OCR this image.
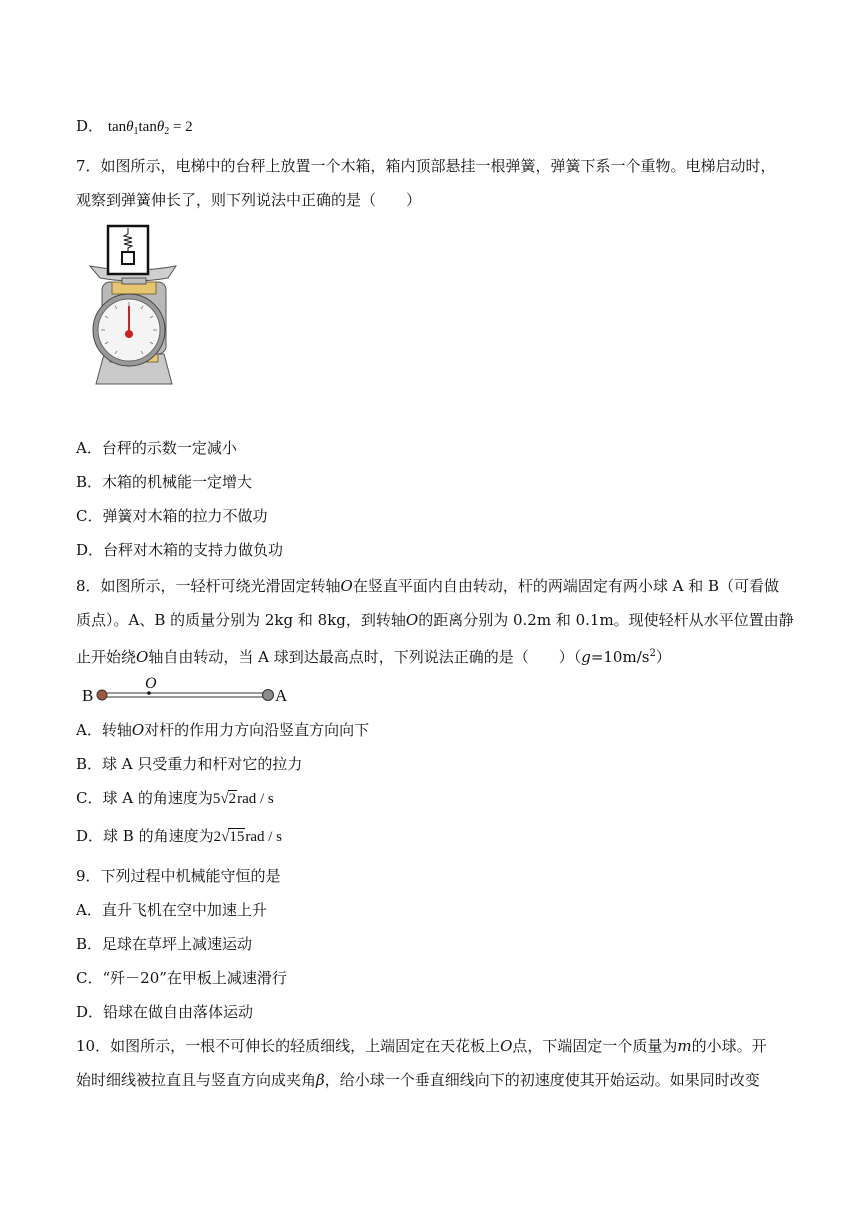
D． tanθ$_1$tanθ$_2$ = 2
7．如图所示，电梯中的台秤上放置一个木箱，箱内顶部悬挂一根弹簧，弹簧下系一个重物。电梯启动时，
观察到弹簧伸长了，则下列说法中正确的是（　　）
A．台秤的示数一定减小
B．木箱的机械能一定增大
C．弹簧对木箱的拉力不做功
D．台秤对木箱的支持力做负功
8．如图所示，一轻杆可绕光滑固定转轴O在竖直平面内自由转动，杆的两端固定有两小球 A 和 B（可看做
质点）。A、B 的质量分别为 2kg 和 8kg，到转轴O的距离分别为 0.2m 和 0.1m。现使轻杆从水平位置由静
止开始绕O轴自由转动，当 A 球到达最高点时，下列说法正确的是（　　）$(g=10m/s^2)$
B
O
A
A．转轴O对杆的作用力方向沿竖直方向向下
B．球 A 只受重力和杆对它的拉力
C．球 A 的角速度为5√2rad / s
D．球 B 的角速度为2√15rad / s
9．下列过程中机械能守恒的是
A．直升飞机在空中加速上升
B．足球在草坪上减速运动
C．“歼－20”在甲板上减速滑行
D．铅球在做自由落体运动
10．如图所示，一根不可伸长的轻质细线，上端固定在天花板上O点，下端固定一个质量为m的小球。开
始时细线被拉直且与竖直方向成夹角β，给小球一个垂直细线向下的初速度使其开始运动。如果同时改变
